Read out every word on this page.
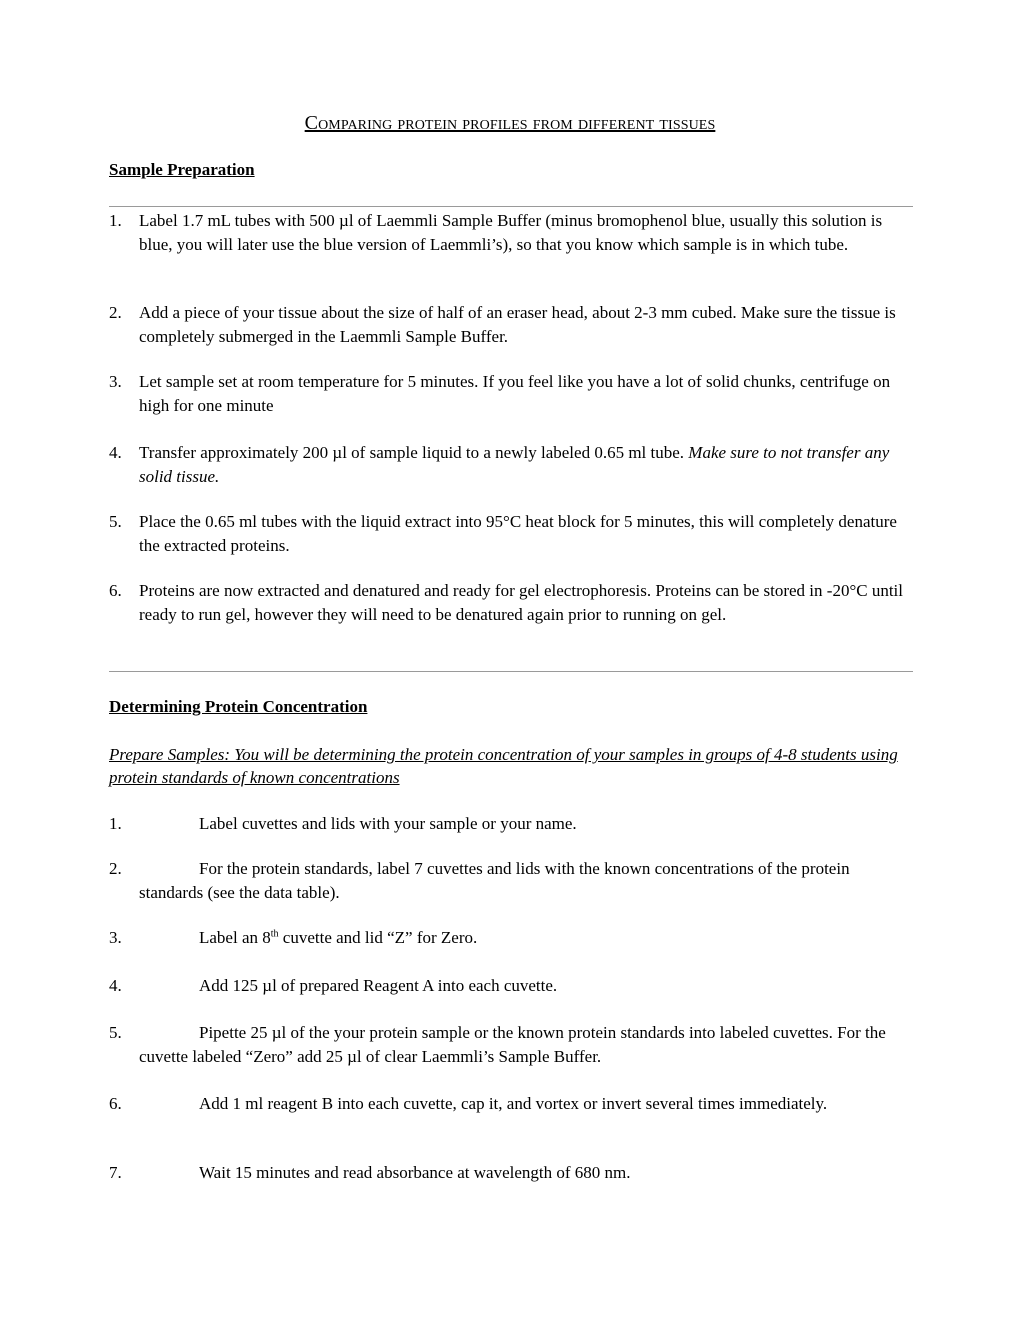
Comparing protein profiles from different tissues
Sample Preparation
1. Label 1.7 mL tubes with 500 µl of Laemmli Sample Buffer (minus bromophenol blue, usually this solution is blue, you will later use the blue version of Laemmli’s), so that you know which sample is in which tube.
2. Add a piece of your tissue about the size of half of an eraser head, about 2-3 mm cubed. Make sure the tissue is completely submerged in the Laemmli Sample Buffer.
3. Let sample set at room temperature for 5 minutes. If you feel like you have a lot of solid chunks, centrifuge on high for one minute
4. Transfer approximately 200 µl of sample liquid to a newly labeled 0.65 ml tube. Make sure to not transfer any solid tissue.
5. Place the 0.65 ml tubes with the liquid extract into 95°C heat block for 5 minutes, this will completely denature the extracted proteins.
6. Proteins are now extracted and denatured and ready for gel electrophoresis. Proteins can be stored in -20°C until ready to run gel, however they will need to be denatured again prior to running on gel.
Determining Protein Concentration
Prepare Samples: You will be determining the protein concentration of your samples in groups of 4-8 students using protein standards of known concentrations
1.	Label cuvettes and lids with your sample or your name.
2.	For the protein standards, label 7 cuvettes and lids with the known concentrations of the protein standards (see the data table).
3.	Label an 8th cuvette and lid “Z” for Zero.
4.	Add 125 µl of prepared Reagent A into each cuvette.
5.	Pipette 25 µl of the your protein sample or the known protein standards into labeled cuvettes. For the cuvette labeled “Zero” add 25 µl of clear Laemmli’s Sample Buffer.
6.	Add 1 ml reagent B into each cuvette, cap it, and vortex or invert several times immediately.
7.	Wait 15 minutes and read absorbance at wavelength of 680 nm.
